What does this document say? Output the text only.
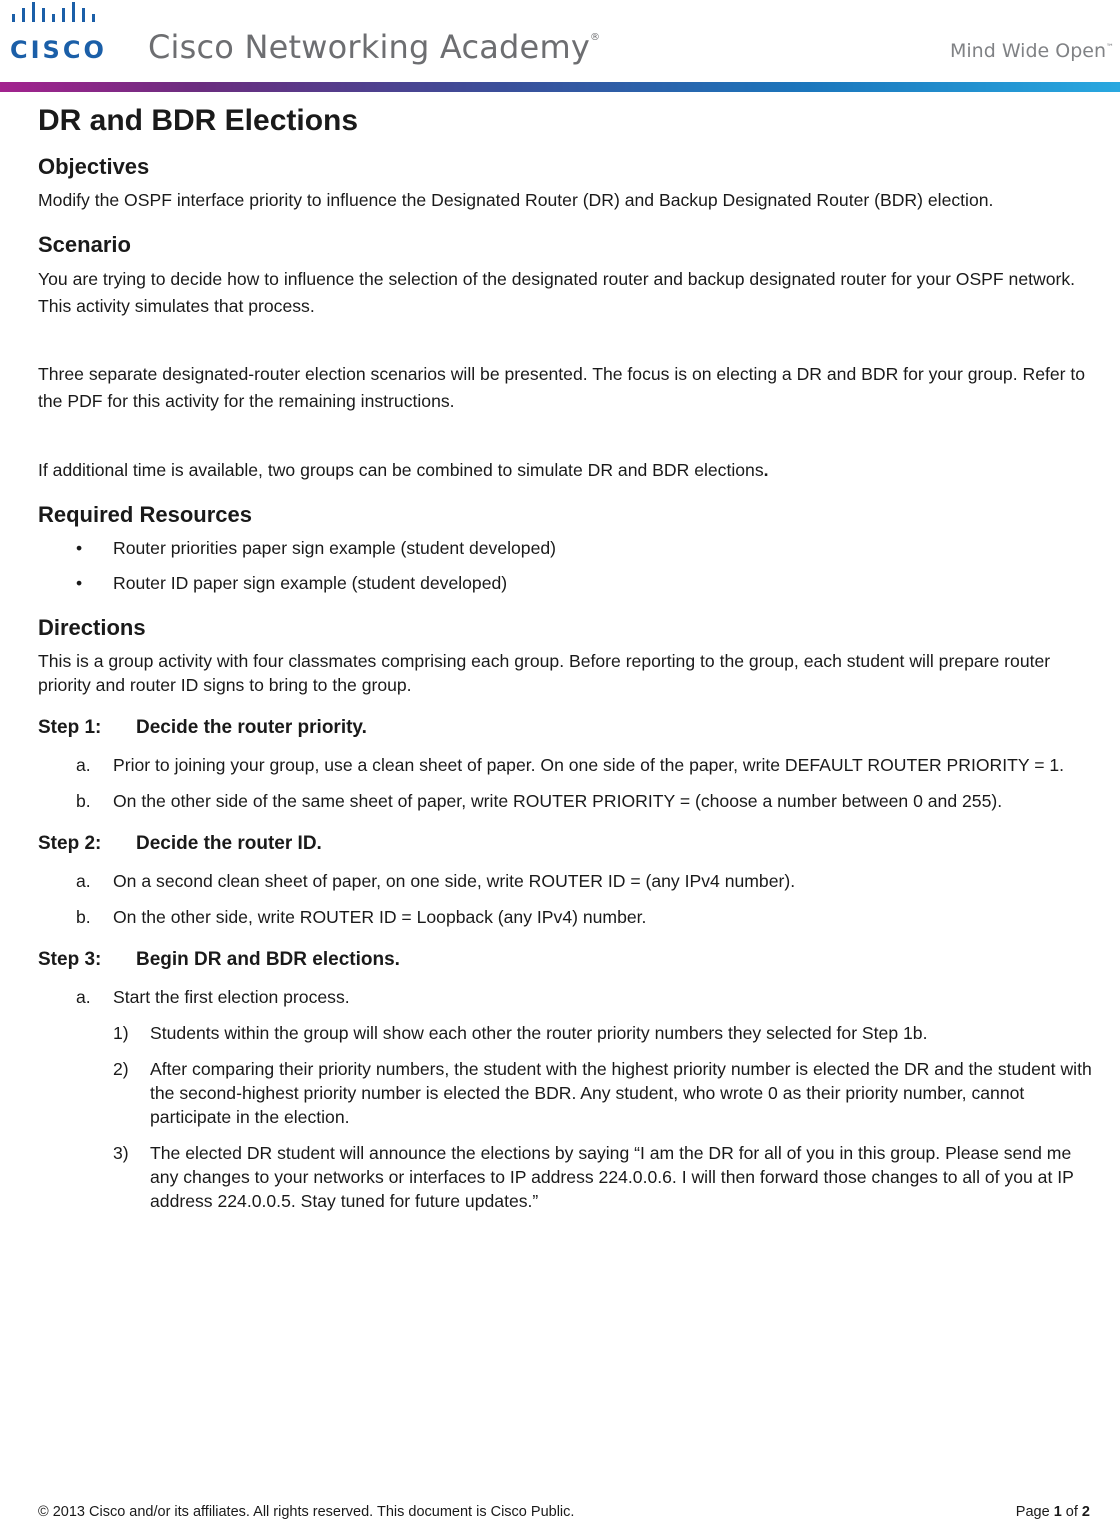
CISCO Cisco Networking Academy®
Mind Wide Open™
DR and BDR Elections
Objectives

Modify the OSPF interface priority to influence the Designated Router (DR) and Backup Designated Router (BDR) election.

Scenario

You are trying to decide how to influence the selection of the designated router and backup designated router for your OSPF network. This activity simulates that process.

Three separate designated-router election scenarios will be presented. The focus is on electing a DR and BDR for your group. Refer to the PDF for this activity for the remaining instructions.

If additional time is available, two groups can be combined to simulate DR and BDR elections.

Required Resources
• Router priorities paper sign example (student developed)
• Router ID paper sign example (student developed)
Directions

This is a group activity with four classmates comprising each group. Before reporting to the group, each student will prepare router priority and router ID signs to bring to the group.

Step 1: Decide the router priority.
a. Prior to joining your group, use a clean sheet of paper. On one side of the paper, write DEFAULT ROUTER PRIORITY = 1.
b. On the other side of the same sheet of paper, write ROUTER PRIORITY = (choose a number between 0 and 255).
Step 2: Decide the router ID.
a. On a second clean sheet of paper, on one side, write ROUTER ID = (any IPv4 number).
b. On the other side, write ROUTER ID = Loopback (any IPv4) number.
Step 3: Begin DR and BDR elections.
a. Start the first election process.
1) Students within the group will show each other the router priority numbers they selected for Step 1b.
2) After comparing their priority numbers, the student with the highest priority number is elected the DR and the student with the second-highest priority number is elected the BDR. Any student, who wrote 0 as their priority number, cannot participate in the election.
3) The elected DR student will announce the elections by saying “I am the DR for all of you in this group. Please send me any changes to your networks or interfaces to IP address 224.0.0.6. I will then forward those changes to all of you at IP address 224.0.0.5. Stay tuned for future updates.”
© 2013 Cisco and/or its affiliates. All rights reserved. This document is Cisco Public.	Page 1 of 2
